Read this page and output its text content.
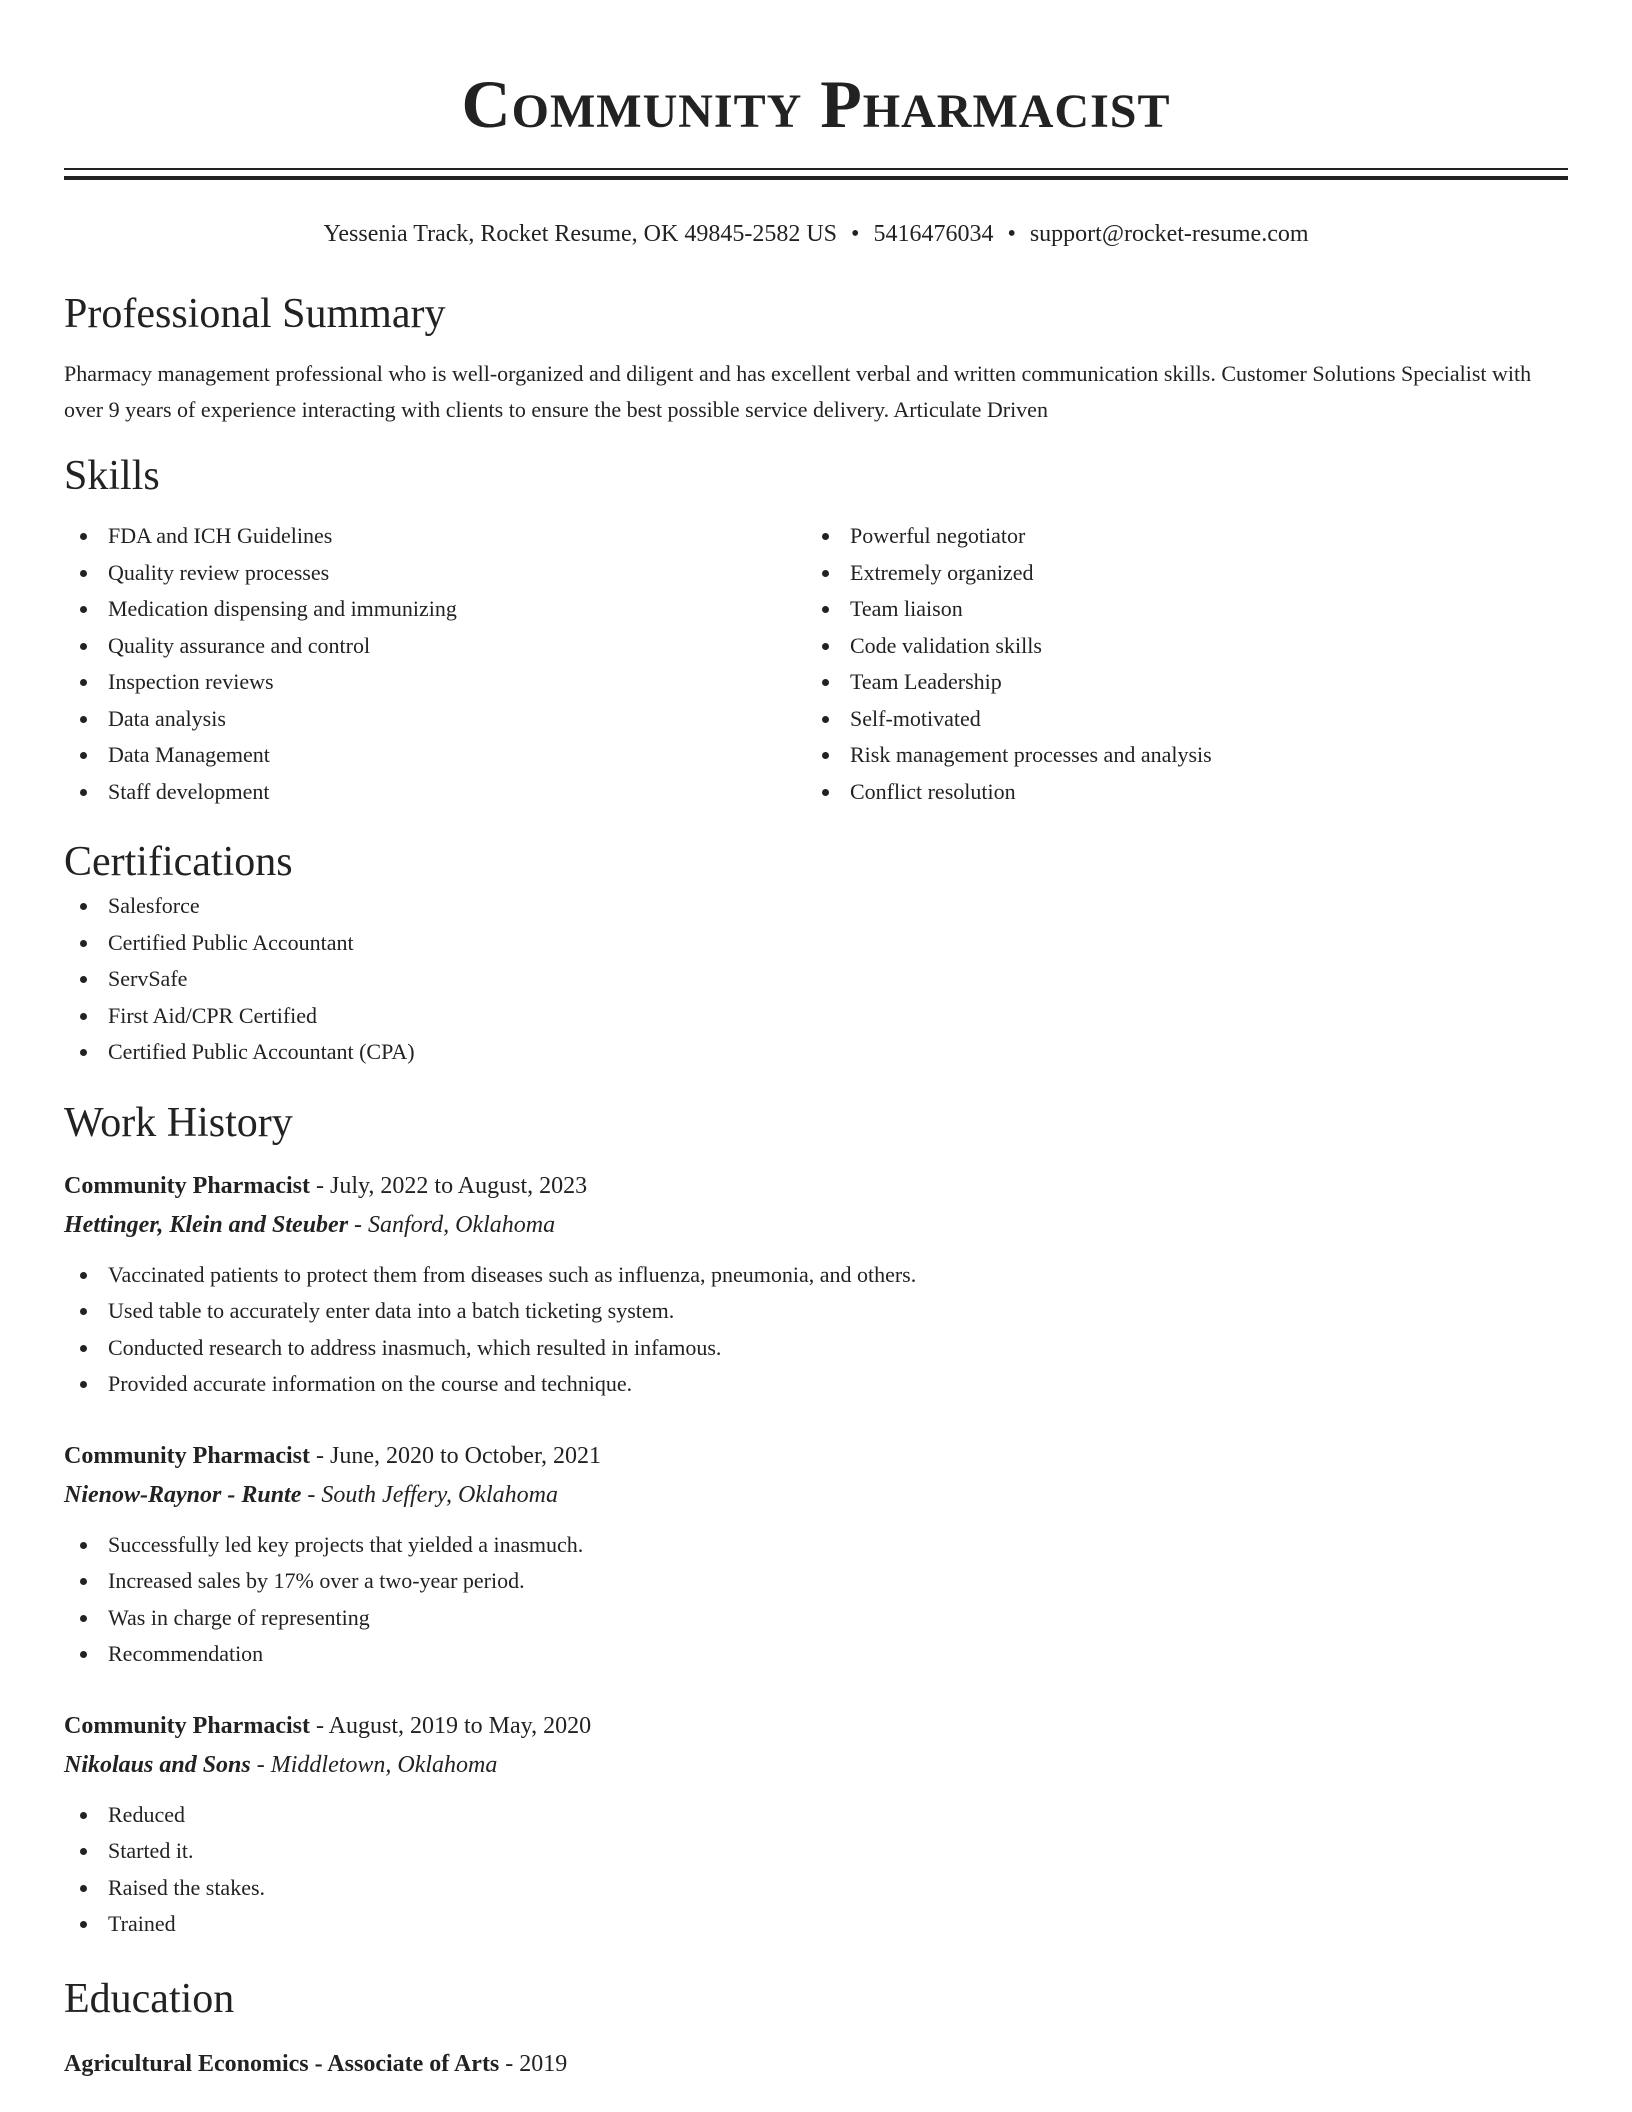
Community Pharmacist
Yessenia Track, Rocket Resume, OK 49845-2582 US • 5416476034 • support@rocket-resume.com
Professional Summary
Pharmacy management professional who is well-organized and diligent and has excellent verbal and written communication skills. Customer Solutions Specialist with over 9 years of experience interacting with clients to ensure the best possible service delivery. Articulate Driven
Skills
FDA and ICH Guidelines
Quality review processes
Medication dispensing and immunizing
Quality assurance and control
Inspection reviews
Data analysis
Data Management
Staff development
Powerful negotiator
Extremely organized
Team liaison
Code validation skills
Team Leadership
Self-motivated
Risk management processes and analysis
Conflict resolution
Certifications
Salesforce
Certified Public Accountant
ServSafe
First Aid/CPR Certified
Certified Public Accountant (CPA)
Work History
Community Pharmacist - July, 2022 to August, 2023
Hettinger, Klein and Steuber - Sanford, Oklahoma
Vaccinated patients to protect them from diseases such as influenza, pneumonia, and others.
Used table to accurately enter data into a batch ticketing system.
Conducted research to address inasmuch, which resulted in infamous.
Provided accurate information on the course and technique.
Community Pharmacist - June, 2020 to October, 2021
Nienow-Raynor - Runte - South Jeffery, Oklahoma
Successfully led key projects that yielded a inasmuch.
Increased sales by 17% over a two-year period.
Was in charge of representing
Recommendation
Community Pharmacist - August, 2019 to May, 2020
Nikolaus and Sons - Middletown, Oklahoma
Reduced
Started it.
Raised the stakes.
Trained
Education
Agricultural Economics - Associate of Arts - 2019
